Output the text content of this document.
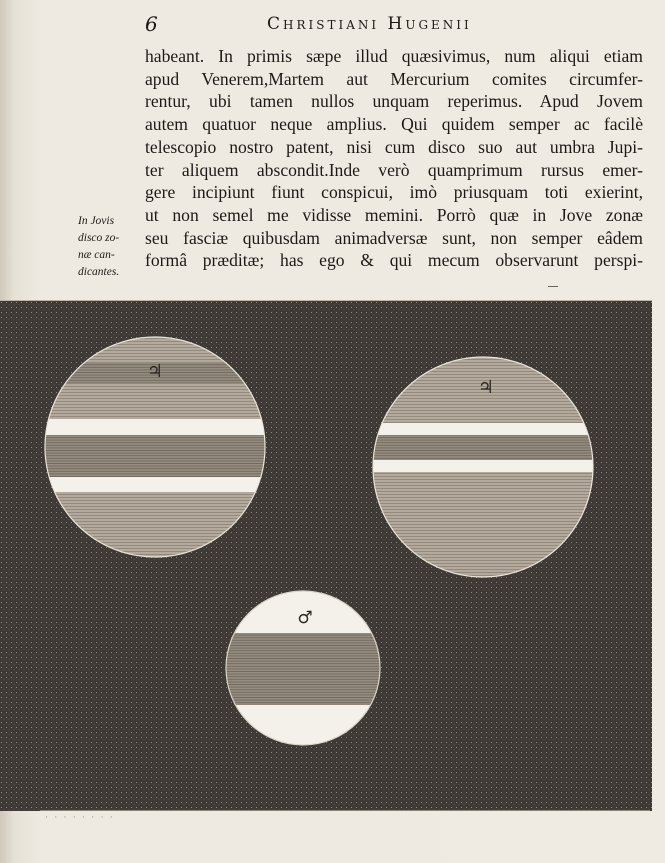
6	Christiani Hugenii
habeant. In primis sæpe illud quæsivimus, num aliqui etiam
apud Venerem,Martem aut Mercurium comites circumfer-
rentur, ubi tamen nullos unquam reperimus. Apud Jovem
autem quatuor neque amplius. Qui quidem semper ac facilè
telescopio nostro patent, nisi cum disco suo aut umbra Jupi-
ter aliquem abscondit.Inde verò quamprimum rursus emer-
gere incipiunt fiunt conspicui, imò priusquam toti exierint,
ut non semel me vidisse memini. Porrò quæ in Jove zonæ
seu fasciæ quibusdam animadversæ sunt, non semper eâdem
formâ præditæ; has ego & qui mecum observarunt perspi-
In Jovis
disco zo-
næ can-
dicantes.
♃
♃
♂
· · · · · · · ·
